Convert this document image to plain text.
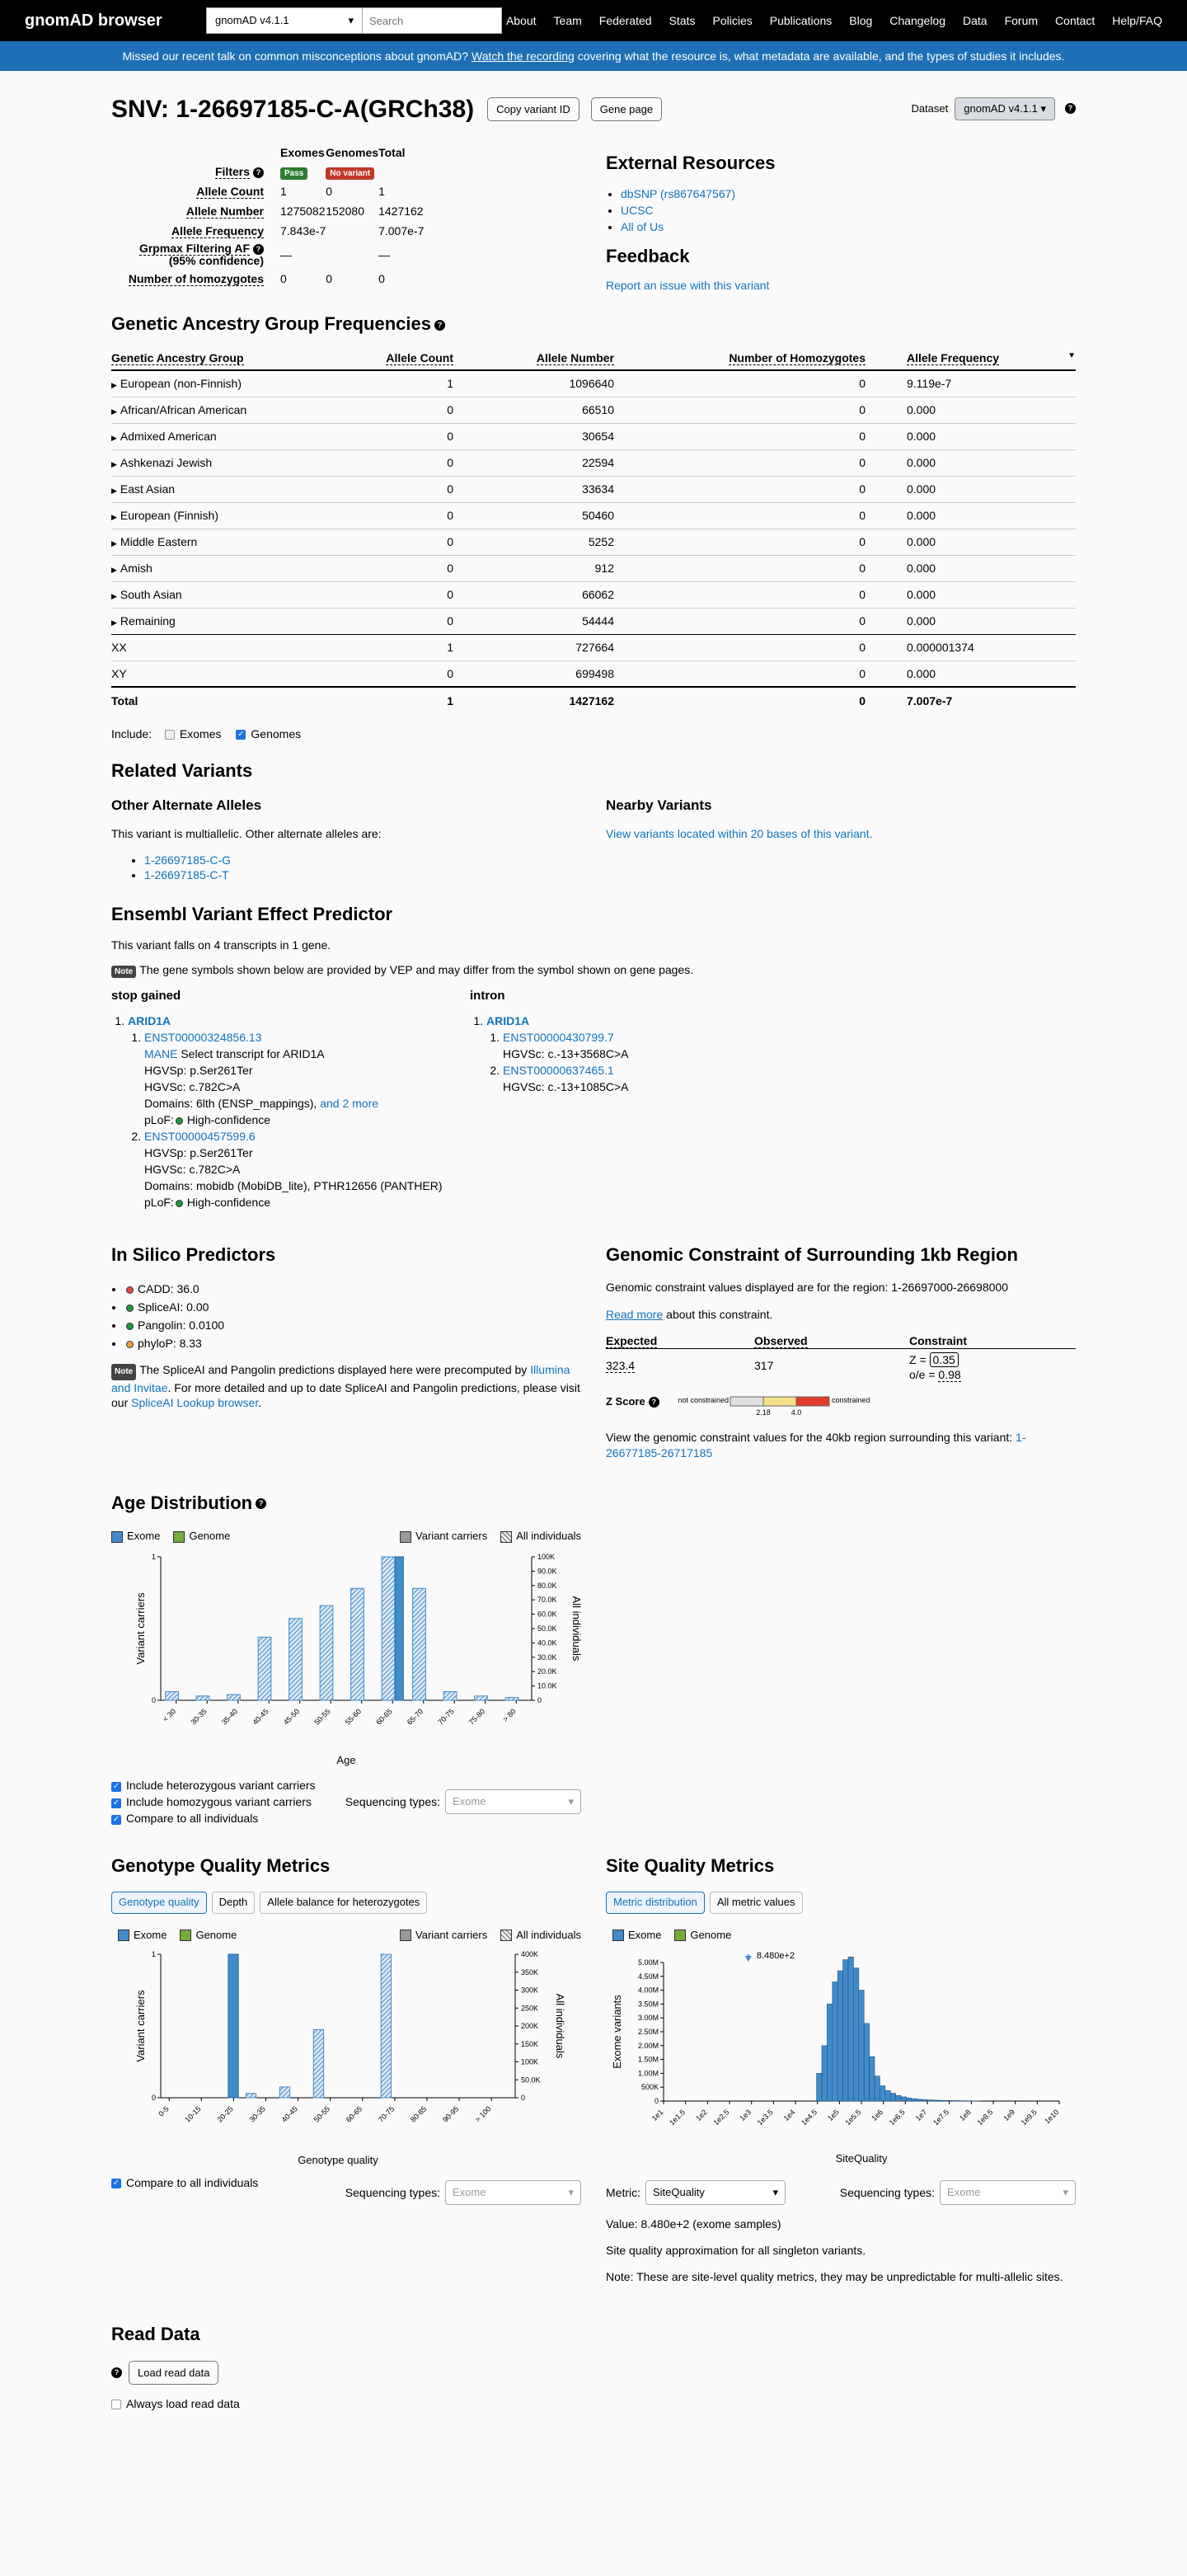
gnomAD browser	gnomAD v4.1.1	▾
Search	About Team Federated Stats Policies Publications Blog Changelog Data Forum Contact Help/FAQ
Missed our recent talk on common misconceptions about gnomAD? Watch the recording covering what the resource is, what metadata are available, and the types of studies it includes.
SNV: 1-26697185-C-A(GRCh38)	Copy variant ID	Gene page	Dataset	gnomAD v4.1.1 ▾	?
	Exomes	Genomes	Total
Filters ?	Pass	No variant	
Allele Count	1	0	1
Allele Number	1275082	152080	1427162
Allele Frequency	7.843e-7		7.007e-7
Grpmax Filtering AF ?
(95% confidence)	—		—
Number of homozygotes	0	0	0
External Resources
• dbSNP (rs867647567)
• UCSC
• All of Us
Feedback
Report an issue with this variant
Genetic Ancestry Group Frequencies ?
Genetic Ancestry Group	Allele Count	Allele Number	Number of Homozygotes	Allele Frequency ▼

▶ European (non-Finnish)	1	1096640	0	9.119e-7
▶ African/African American	0	66510	0	0.000
▶ Admixed American	0	30654	0	0.000
▶ Ashkenazi Jewish	0	22594	0	0.000
▶ East Asian	0	33634	0	0.000
▶ European (Finnish)	0	50460	0	0.000
▶ Middle Eastern	0	5252	0	0.000
▶ Amish	0	912	0	0.000
▶ South Asian	0	66062	0	0.000
▶ Remaining	0	54444	0	0.000
XX	1	727664	0	0.000001374
XY	0	699498	0	0.000
Total	1	1427162	0	7.007e-7
Include: Exomes ✓ Genomes
Related Variants
Other Alternate Alleles

This variant is multiallelic. Other alternate alleles are:

• 1-26697185-C-G
• 1-26697185-C-T
Nearby Variants
View variants located within 20 bases of this variant.
Ensembl Variant Effect Predictor

This variant falls on 4 transcripts in 1 gene.

Note The gene symbols shown below are provided by VEP and may differ from the symbol shown on gene pages.

stop gained
1. ARID1A
1. ENST00000324856.13
MANE Select transcript for ARID1A
HGVSp: p.Ser261Ter
HGVSc: c.782C>A
Domains: 6lth (ENSP_mappings), and 2 more
pLoF: High-confidence
2. ENST00000457599.6
HGVSp: p.Ser261Ter
HGVSc: c.782C>A
Domains: mobidb (MobiDB_lite), PTHR12656 (PANTHER)
pLoF: High-confidence
intron
1. ARID1A
1. ENST00000430799.7
HGVSc: c.-13+3568C>A
2. ENST00000637465.1
HGVSc: c.-13+1085C>A
In Silico Predictors
• CADD: 36.0
• SpliceAI: 0.00
• Pangolin: 0.0100
• phyloP: 8.33

Note The SpliceAI and Pangolin predictions displayed here were precomputed by Illumina and Invitae. For more detailed and up to date SpliceAI and Pangolin predictions, please visit our SpliceAI Lookup browser.

Genomic Constraint of Surrounding 1kb Region

Genomic constraint values displayed are for the region: 1-26697000-26698000

Read more about this constraint.

Expected	Observed	Constraint
323.4	317	Z = 0.35
o/e = 0.98
Z Score ?	not constrained	constrained
2.18	4.0

View the genomic constraint values for the 40kb region surrounding this variant: 1-26677185-26717185

Age Distribution ?
Exome	Genome	Variant carriers	All individuals
0
1
0
10.0K
20.0K
30.0K
40.0K
50.0K
60.0K
70.0K
80.0K
90.0K
100K
< 30 30-35 35-40 40-45 45-50 50-55 55-60 60-65 65-70 70-75 75-80 > 80
Age
Variant carriers	All individuals
✓ Include heterozygous variant carriers
✓ Include homozygous variant carriers
✓ Compare to all individuals
Sequencing types: Exome	▾
Genotype Quality Metrics
Genotype quality	Depth	Allele balance for heterozygotes
Exome	Genome	Variant carriers	All individuals
0
1
0
50.0K
100K
150K
200K
250K
300K
350K
400K
0-5 10-15 20-25 30-35 40-45 50-55 60-65 70-75 80-85 90-95 > 100
Genotype quality
Variant carriers	All individuals
✓ Compare to all individuals
Sequencing types: Exome	▾
Site Quality Metrics
Metric distribution	All metric values
Exome	Genome
0
500K
1.00M
1.50M
2.00M
2.50M
3.00M
3.50M
4.00M
4.50M
5.00M
1e1 1e1.5 1e2 1e2.5 1e3 1e3.5 1e4 1e4.5 1e5 1e5.5 1e6 1e6.5 1e7 1e7.5 1e8 1e8.5 1e9 1e9.5 1e10
8.480e+2
SiteQuality
Exome variants
Metric: SiteQuality	▾	Sequencing types: Exome	▾

Value: 8.480e+2 (exome samples)

Site quality approximation for all singleton variants.

Note: These are site-level quality metrics, they may be unpredictable for multi-allelic sites.

Read Data
?	Load read data
Always load read data
